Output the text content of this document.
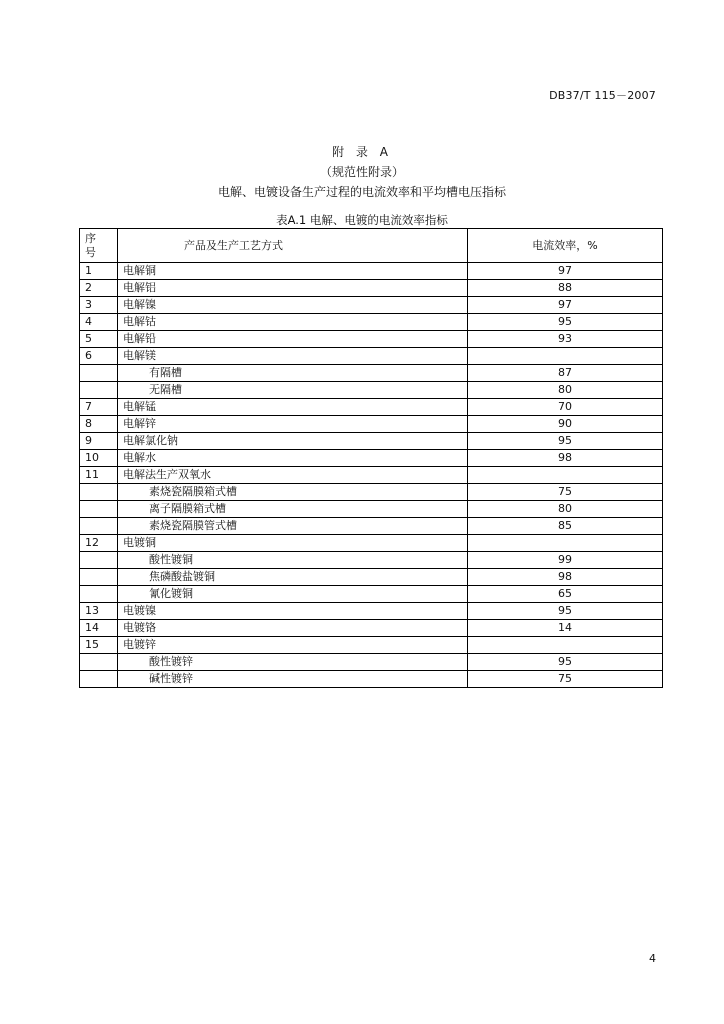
DB37/T 115－2007
附 录 A
（规范性附录）
电解、电镀设备生产过程的电流效率和平均槽电压指标
表A.1 电解、电镀的电流效率指标
序
号	产品及生产工艺方式	电流效率，%
1	电解铜	97
2	电解铝	88
3	电解镍	97
4	电解钴	95
5	电解铅	93
6	电解镁	
	有隔槽	87
	无隔槽	80
7	电解锰	70
8	电解锌	90
9	电解氯化钠	95
10	电解水	98
11	电解法生产双氧水	
	素烧瓷隔膜箱式槽	75
	离子隔膜箱式槽	80
	素烧瓷隔膜管式槽	85
12	电镀铜	
	酸性镀铜	99
	焦磷酸盐镀铜	98
	氰化镀铜	65
13	电镀镍	95
14	电镀铬	14
15	电镀锌	
	酸性镀锌	95
	碱性镀锌	75
4
